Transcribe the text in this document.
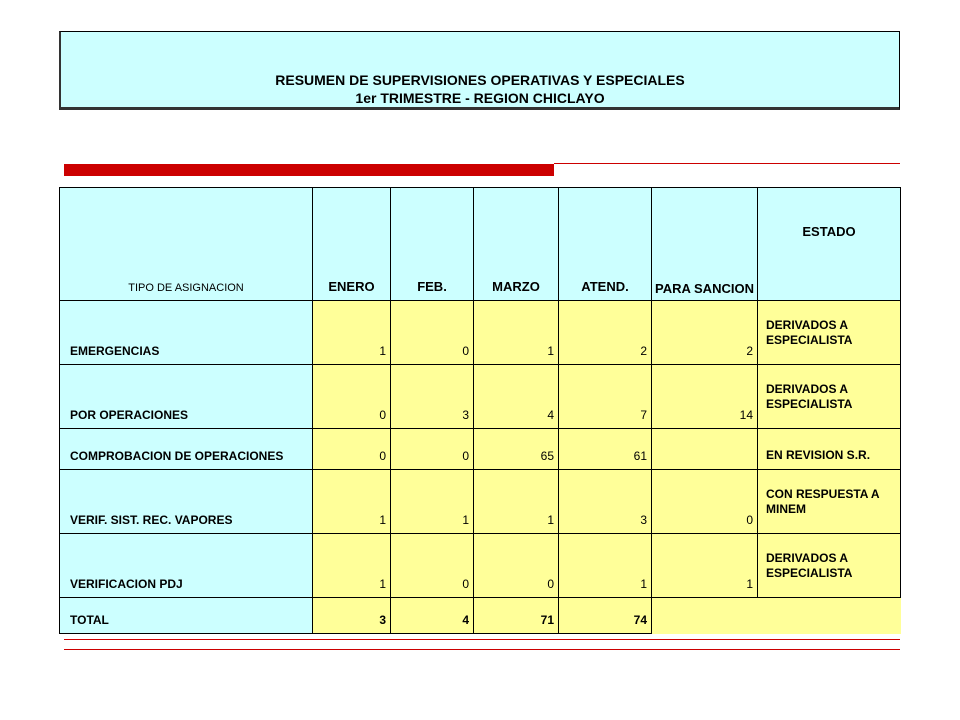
RESUMEN DE SUPERVISIONES OPERATIVAS Y ESPECIALES
1er TRIMESTRE - REGION CHICLAYO
TIPO DE ASIGNACION	ENERO	FEB.	MARZO	ATEND.	PARA SANCION	ESTADO
EMERGENCIAS	1	0	1	2	2	DERIVADOS A ESPECIALISTA
POR OPERACIONES	0	3	4	7	14	DERIVADOS A ESPECIALISTA
COMPROBACION DE OPERACIONES	0	0	65	61		EN REVISION S.R.
VERIF. SIST. REC. VAPORES	1	1	1	3	0	CON RESPUESTA A MINEM
VERIFICACION PDJ	1	0	0	1	1	DERIVADOS A ESPECIALISTA
TOTAL	3	4	71	74		
